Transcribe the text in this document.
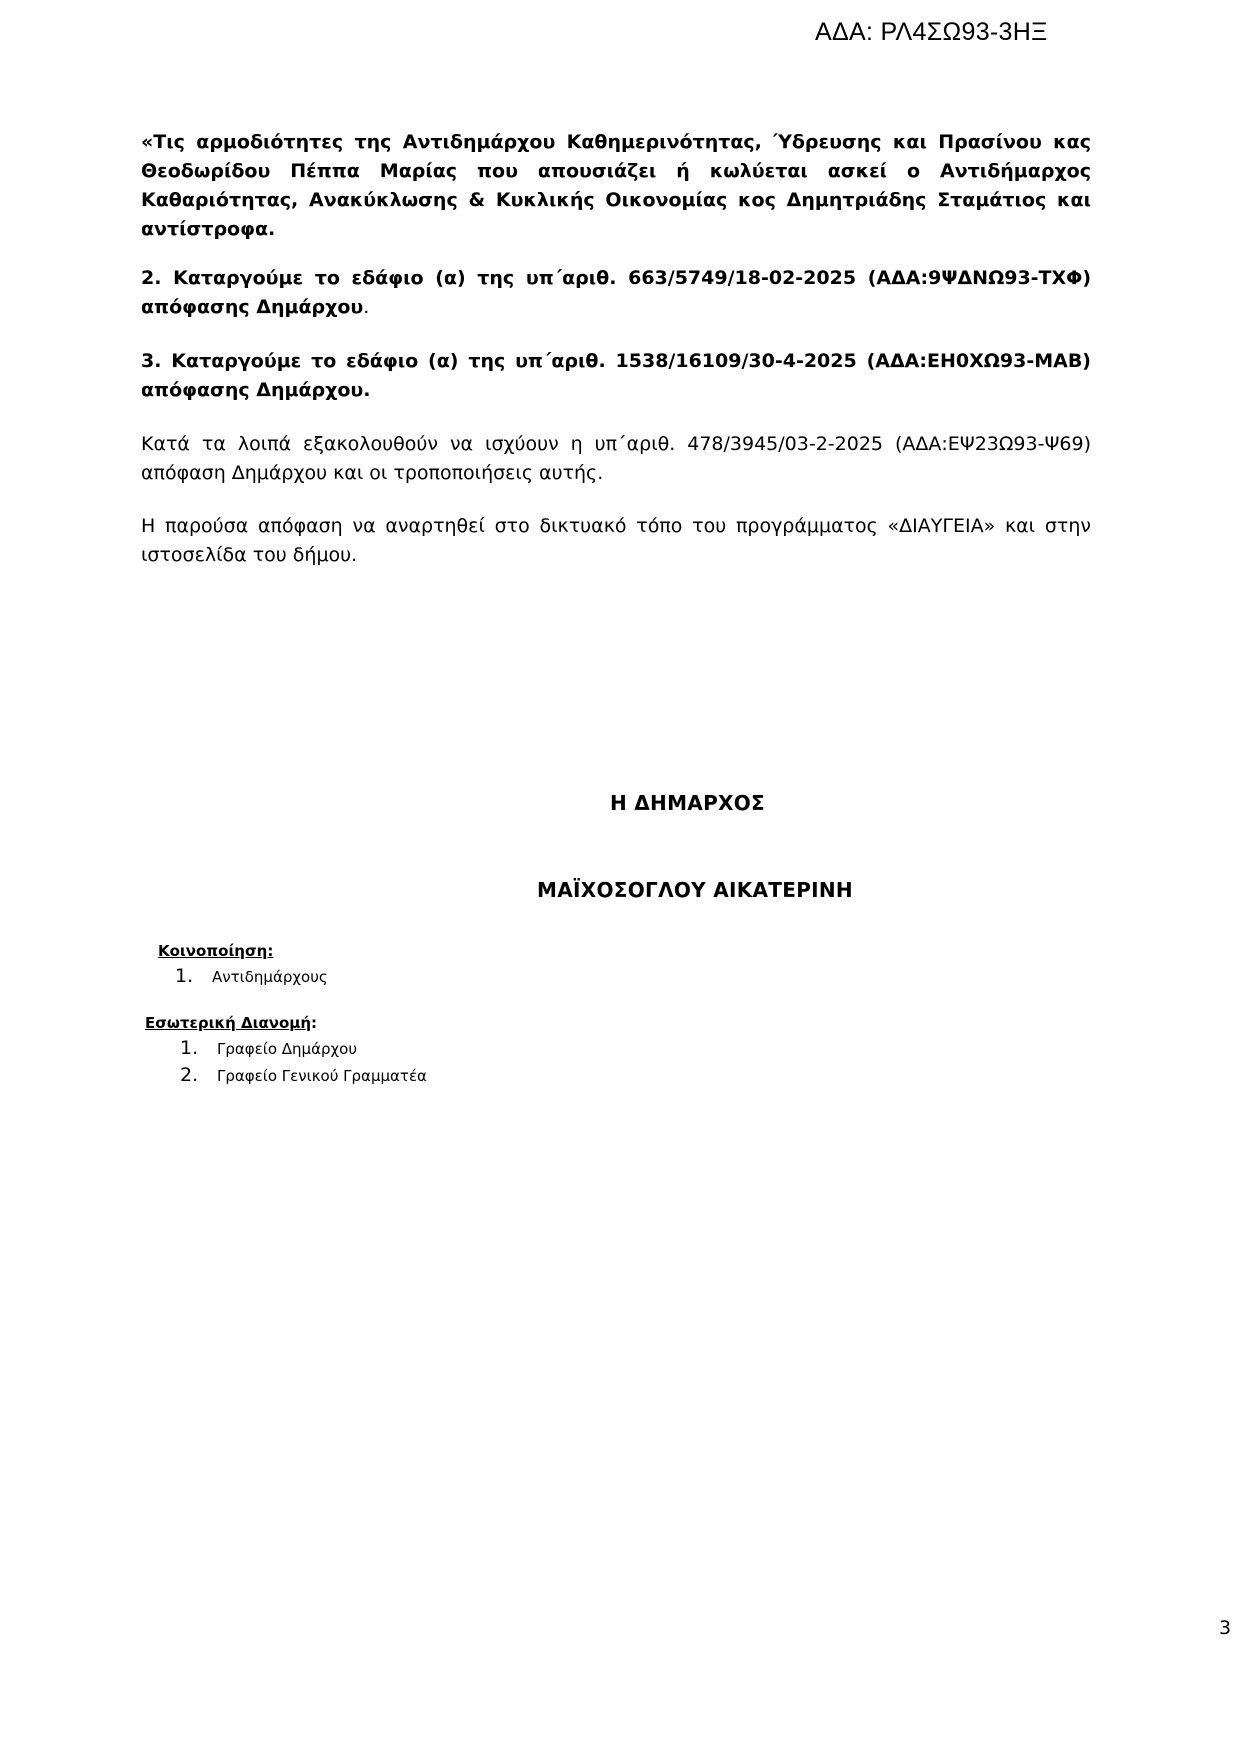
ΑΔΑ: ΡΛ4ΣΩ93-3ΗΞ

«Τις αρμοδιότητες της Αντιδημάρχου Καθημερινότητας, Ύδρευσης και Πρασίνου κας Θεοδωρίδου Πέππα Μαρίας που απουσιάζει ή κωλύεται ασκεί ο Αντιδήμαρχος Καθαριότητας, Ανακύκλωσης & Κυκλικής Οικονομίας κος Δημητριάδης Σταμάτιος και αντίστροφα.

2. Καταργούμε το εδάφιο (α) της υπ΄αριθ. 663/5749/18-02-2025 (ΑΔΑ:9ΨΔΝΩ93-ΤΧΦ) απόφασης Δημάρχου.

3. Καταργούμε το εδάφιο (α) της υπ΄αριθ. 1538/16109/30-4-2025 (ΑΔΑ:ΕΗ0ΧΩ93-ΜΑΒ) απόφασης Δημάρχου.

Κατά τα λοιπά εξακολουθούν να ισχύουν η υπ΄αριθ. 478/3945/03-2-2025 (ΑΔΑ:ΕΨ23Ω93-Ψ69) απόφαση Δημάρχου και οι τροποποιήσεις αυτής.

Η παρούσα απόφαση να αναρτηθεί στο δικτυακό τόπο του προγράμματος «ΔΙΑΥΓΕΙΑ» και στην ιστοσελίδα του δήμου.

Η ΔΗΜΑΡΧΟΣ
ΜΑΪΧΟΣΟΓΛΟΥ ΑΙΚΑΤΕΡΙΝΗ
Κοινοποίηση:
1.	Αντιδημάρχους
Εσωτερική Διανομή:
1.	Γραφείο Δημάρχου
2.	Γραφείο Γενικού Γραμματέα
3
